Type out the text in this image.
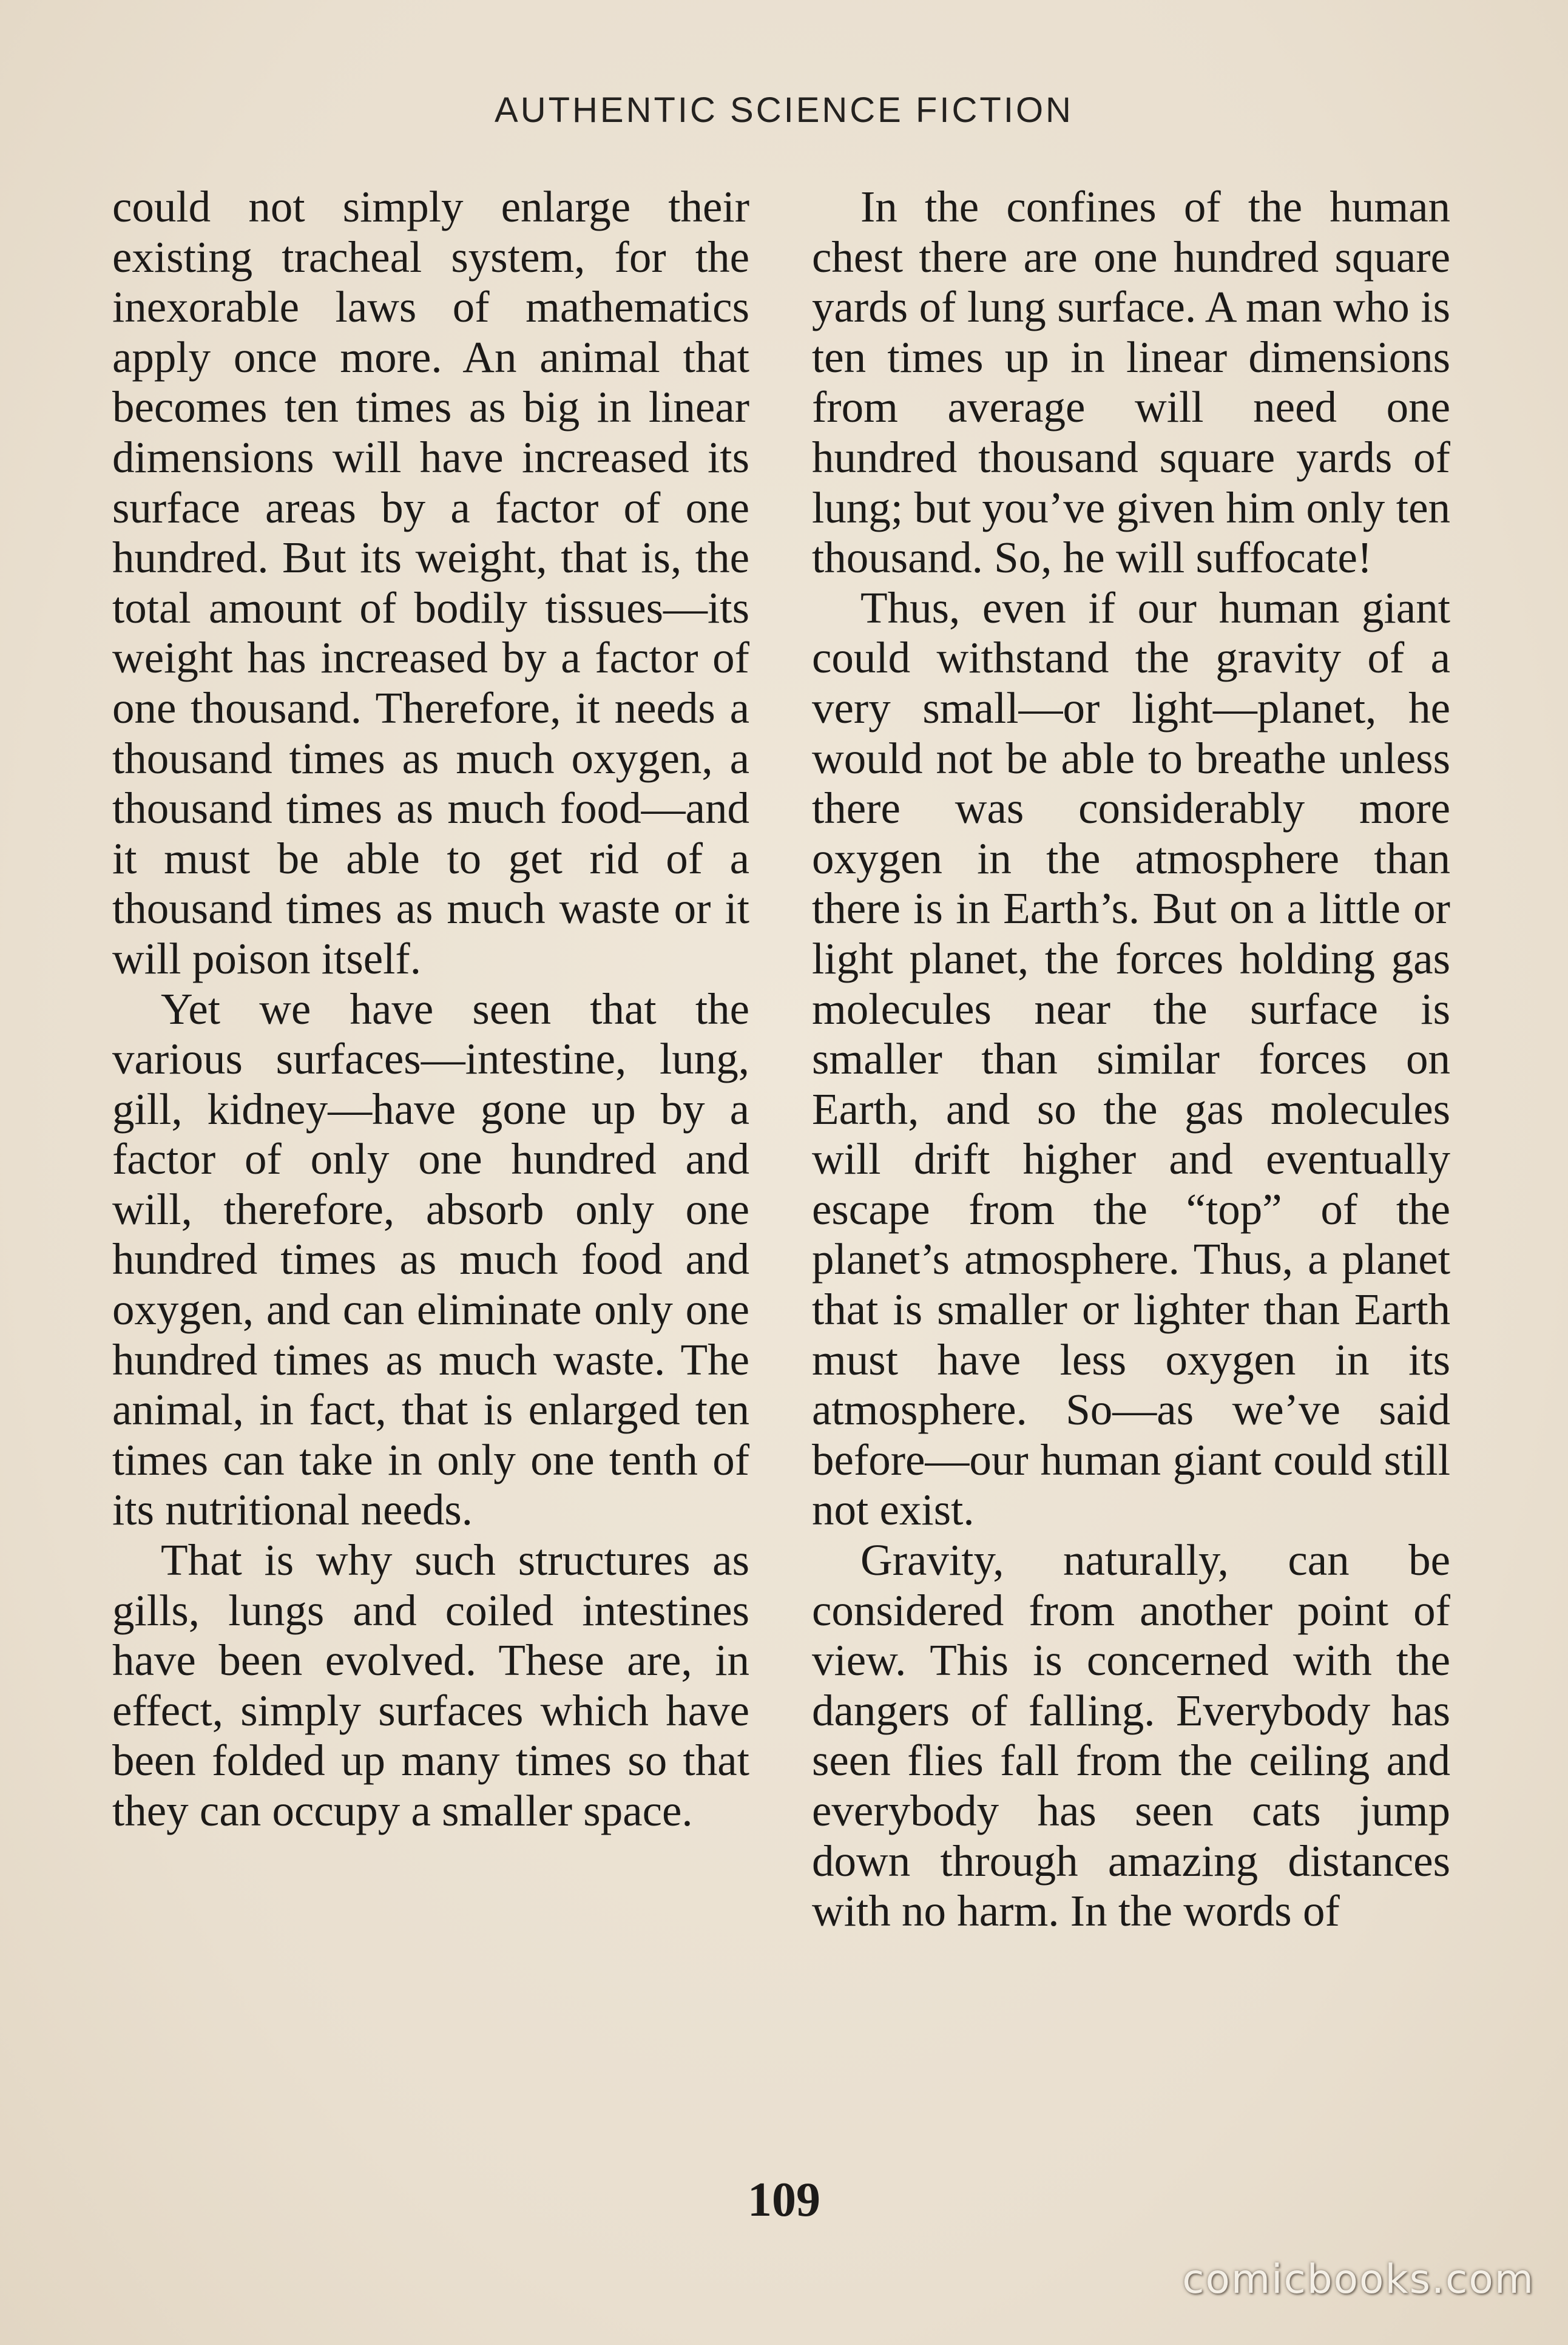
AUTHENTIC SCIENCE FICTION

could not simply enlarge their existing tracheal system, for the inexorable laws of mathematics apply once more. An animal that becomes ten times as big in linear dimensions will have increased its surface areas by a factor of one hundred. But its weight, that is, the total amount of bodily tissues—its weight has increased by a factor of one thousand. Therefore, it needs a thousand times as much oxygen, a thousand times as much food—and it must be able to get rid of a thousand times as much waste or it will poison itself.

Yet we have seen that the various surfaces—intestine, lung, gill, kidney—have gone up by a factor of only one hundred and will, therefore, absorb only one hundred times as much food and oxygen, and can eliminate only one hundred times as much waste. The animal, in fact, that is enlarged ten times can take in only one tenth of its nutritional needs.

That is why such structures as gills, lungs and coiled intestines have been evolved. These are, in effect, simply surfaces which have been folded up many times so that they can occupy a smaller space.

In the confines of the human chest there are one hundred square yards of lung surface. A man who is ten times up in linear dimensions from average will need one hundred thousand square yards of lung; but you’ve given him only ten thousand. So, he will suffocate!

Thus, even if our human giant could withstand the gravity of a very small—or light—planet, he would not be able to breathe unless there was considerably more oxygen in the atmosphere than there is in Earth’s. But on a little or light planet, the forces holding gas molecules near the surface is smaller than similar forces on Earth, and so the gas molecules will drift higher and eventually escape from the “top” of the planet’s atmosphere. Thus, a planet that is smaller or lighter than Earth must have less oxygen in its atmosphere. So—as we’ve said before—our human giant could still not exist.

Gravity, naturally, can be considered from another point of view. This is concerned with the dangers of falling. Everybody has seen flies fall from the ceiling and everybody has seen cats jump down through amazing distances with no harm. In the words of

109
comicbooks.com
